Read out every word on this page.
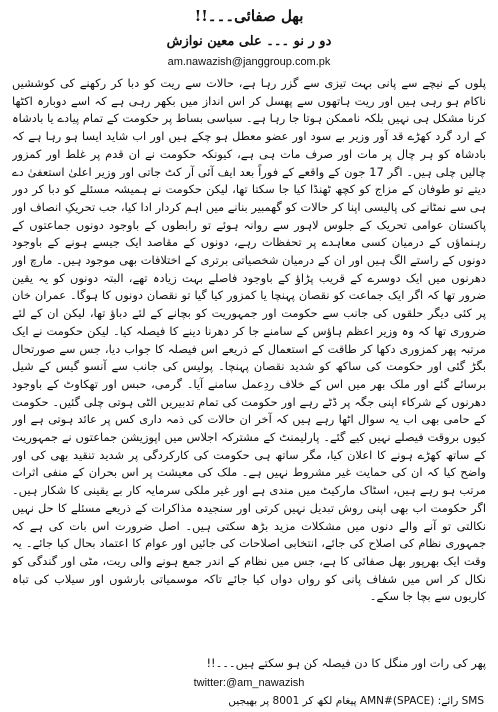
بھل صفائی۔۔۔!!
دو ر نو ۔۔۔ علی معین نوازش
am.nawazish@janggroup.com.pk

پلوں کے نیچے سے پانی بہت تیزی سے گزر رہا ہے، حالات سے ریت کو دبا کر رکھنے کی کوششیں ناکام ہو رہی ہیں اور ریت ہاتھوں سے پھسل کر اس انداز میں بکھر رہی ہے کہ اسے دوبارہ اکٹھا کرنا مشکل ہی نہیں بلکہ ناممکن ہوتا جا رہا ہے۔ سیاسی بساط پر حکومت کے تمام پیادے یا بادشاہ کے ارد گرد کھڑے قد آور وزیر بے سود اور عضو معطل ہو چکے ہیں اور اب شاید ایسا ہو رہا ہے کہ بادشاہ کو ہر چال پر مات اور صرف مات ہی ہے، کیونکہ حکومت نے ان قدم پر غلط اور کمزور چالیں چلی ہیں۔ اگر 17 جون کے واقعے کے فوراً بعد ایف آئی آر کٹ جاتی اور وزیر اعلیٰ استعفیٰ دے دیتے تو طوفان کے مزاج کو کچھ ٹھنڈا کیا جا سکتا تھا، لیکن حکومت نے ہمیشہ مسئلے کو دبا کر دور ہی سے نمٹانے کی پالیسی اپنا کر حالات کو گھمبیر بنانے میں اہم کردار ادا کیا، جب تحریکِ انصاف اور پاکستان عوامی تحریک کے جلوس لاہور سے روانہ ہوئے تو رابطوں کے باوجود دونوں جماعتوں کے رہنماؤں کے درمیان کسی معاہدے پر تحفظات رہے، دونوں کے مقاصد ایک جیسے ہونے کے باوجود دونوں کے راستے الگ ہیں اور ان کے درمیان شخصیاتی برتری کے اختلافات بھی موجود ہیں۔ مارچ اور دھرنوں میں ایک دوسرے کے قریب پڑاؤ کے باوجود فاصلے بہت زیادہ تھے، البتہ دونوں کو یہ یقین ضرور تھا کہ اگر ایک جماعت کو نقصان پہنچا یا کمزور کیا گیا تو نقصان دونوں کا ہوگا۔ عمران خان پر کئی دیگر حلقوں کی جانب سے حکومت اور جمہوریت کو بچانے کے لئے دباؤ تھا، لیکن ان کے لئے ضروری تھا کہ وہ وزیر اعظم ہاؤس کے سامنے جا کر دھرنا دینے کا فیصلہ کیا۔ لیکن حکومت نے ایک مرتبہ پھر کمزوری دکھا کر طاقت کے استعمال کے ذریعے اس فیصلہ کا جواب دیا، جس سے صورتحال بگڑ گئی اور حکومت کی ساکھ کو شدید نقصان پہنچا۔ پولیس کی جانب سے آنسو گیس کے شیل برسائے گئے اور ملک بھر میں اس کے خلاف ردِعمل سامنے آیا۔ گرمی، حبس اور تھکاوٹ کے باوجود دھرنوں کے شرکاء اپنی جگہ پر ڈٹے رہے اور حکومت کی تمام تدبیریں الٹی ہوتی چلی گئیں۔ حکومت کے حامی بھی اب یہ سوال اٹھا رہے ہیں کہ آخر ان حالات کی ذمہ داری کس پر عائد ہوتی ہے اور کیوں بروقت فیصلے نہیں کیے گئے۔ پارلیمنٹ کے مشترکہ اجلاس میں اپوزیشن جماعتوں نے جمہوریت کے ساتھ کھڑے ہونے کا اعلان کیا، مگر ساتھ ہی حکومت کی کارکردگی پر شدید تنقید بھی کی اور واضح کیا کہ ان کی حمایت غیر مشروط نہیں ہے۔ ملک کی معیشت پر اس بحران کے منفی اثرات مرتب ہو رہے ہیں، اسٹاک مارکیٹ میں مندی ہے اور غیر ملکی سرمایہ کار بے یقینی کا شکار ہیں۔ اگر حکومت اب بھی اپنی روش تبدیل نہیں کرتی اور سنجیدہ مذاکرات کے ذریعے مسئلے کا حل نہیں نکالتی تو آنے والے دنوں میں مشکلات مزید بڑھ سکتی ہیں۔ اصل ضرورت اس بات کی ہے کہ جمہوری نظام کی اصلاح کی جائے، انتخابی اصلاحات کی جائیں اور عوام کا اعتماد بحال کیا جائے۔ یہ وقت ایک بھرپور بھل صفائی کا ہے، جس میں نظام کے اندر جمع ہونے والی ریت، مٹی اور گندگی کو نکال کر اس میں شفاف پانی کو رواں دواں کیا جائے تاکہ موسمیاتی بارشوں اور سیلاب کی تباہ کاریوں سے بچا جا سکے۔

پھر کی رات اور منگل کا دن فیصلہ کن ہو سکتے ہیں۔۔۔!!
twitter:@am_nawazish
SMS رائے: (SPACE)#AMN پیغام لکھ کر 8001 پر بھیجیں
